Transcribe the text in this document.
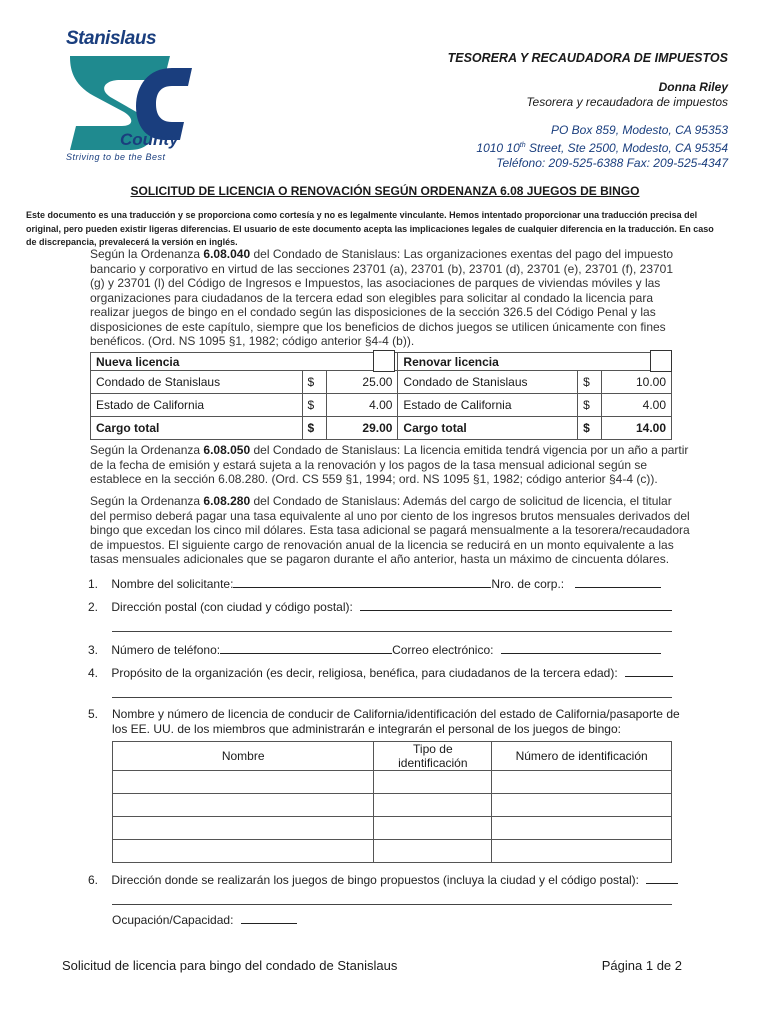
Stanislaus
County
Striving to be the Best
TESORERA Y RECAUDADORA DE IMPUESTOS
Donna Riley
Tesorera y recaudadora de impuestos
PO Box 859, Modesto, CA 95353
1010 10th Street, Ste 2500, Modesto, CA 95354
Teléfono: 209-525-6388 Fax: 209-525-4347
SOLICITUD DE LICENCIA O RENOVACIÓN SEGÚN ORDENANZA 6.08 JUEGOS DE BINGO
Este documento es una traducción y se proporciona como cortesía y no es legalmente vinculante. Hemos intentado proporcionar una traducción precisa del original, pero pueden existir ligeras diferencias. El usuario de este documento acepta las implicaciones legales de cualquier diferencia en la traducción. En caso de discrepancia, prevalecerá la versión en inglés.
Según la Ordenanza 6.08.040 del Condado de Stanislaus: Las organizaciones exentas del pago del impuesto bancario y corporativo en virtud de las secciones 23701 (a), 23701 (b), 23701 (d), 23701 (e), 23701 (f), 23701 (g) y 23701 (l) del Código de Ingresos e Impuestos, las asociaciones de parques de viviendas móviles y las organizaciones para ciudadanos de la tercera edad son elegibles para solicitar al condado la licencia para realizar juegos de bingo en el condado según las disposiciones de la sección 326.5 del Código Penal y las disposiciones de este capítulo, siempre que los beneficios de dichos juegos se utilicen únicamente con fines benéficos. (Ord. NS 1095 §1, 1982; código anterior §4-4 (b)).
Nueva licencia			Renovar licencia		
Condado de Stanislaus	$	25.00	Condado de Stanislaus	$	10.00
Estado de California	$	4.00	Estado de California	$	4.00
Cargo total	$	29.00	Cargo total	$	14.00
Según la Ordenanza 6.08.050 del Condado de Stanislaus: La licencia emitida tendrá vigencia por un año a partir de la fecha de emisión y estará sujeta a la renovación y los pagos de la tasa mensual adicional según se establece en la sección 6.08.280. (Ord. CS 559 §1, 1994; ord. NS 1095 §1, 1982; código anterior §4-4 (c)).
Según la Ordenanza 6.08.280 del Condado de Stanislaus: Además del cargo de solicitud de licencia, el titular del permiso deberá pagar una tasa equivalente al uno por ciento de los ingresos brutos mensuales derivados del bingo que excedan los cinco mil dólares. Esta tasa adicional se pagará mensualmente a la tesorera/recaudadora de impuestos. El siguiente cargo de renovación anual de la licencia se reducirá en un monto equivalente a las tasas mensuales adicionales que se pagaron durante el año anterior, hasta un máximo de cincuenta dólares.
1. Nombre del solicitante:	Nro. de corp.:
2. Dirección postal (con ciudad y código postal):
3. Número de teléfono:	Correo electrónico:
4. Propósito de la organización (es decir, religiosa, benéfica, para ciudadanos de la tercera edad):
5. Nombre y número de licencia de conducir de California/identificación del estado de California/pasaporte de los EE. UU. de los miembros que administrarán e integrarán el personal de los juegos de bingo:
Nombre	Tipo de identificación	Número de identificación

6. Dirección donde se realizarán los juegos de bingo propuestos (incluya la ciudad y el código postal):
Ocupación/Capacidad:
Solicitud de licencia para bingo del condado de Stanislaus	Página 1 de 2
